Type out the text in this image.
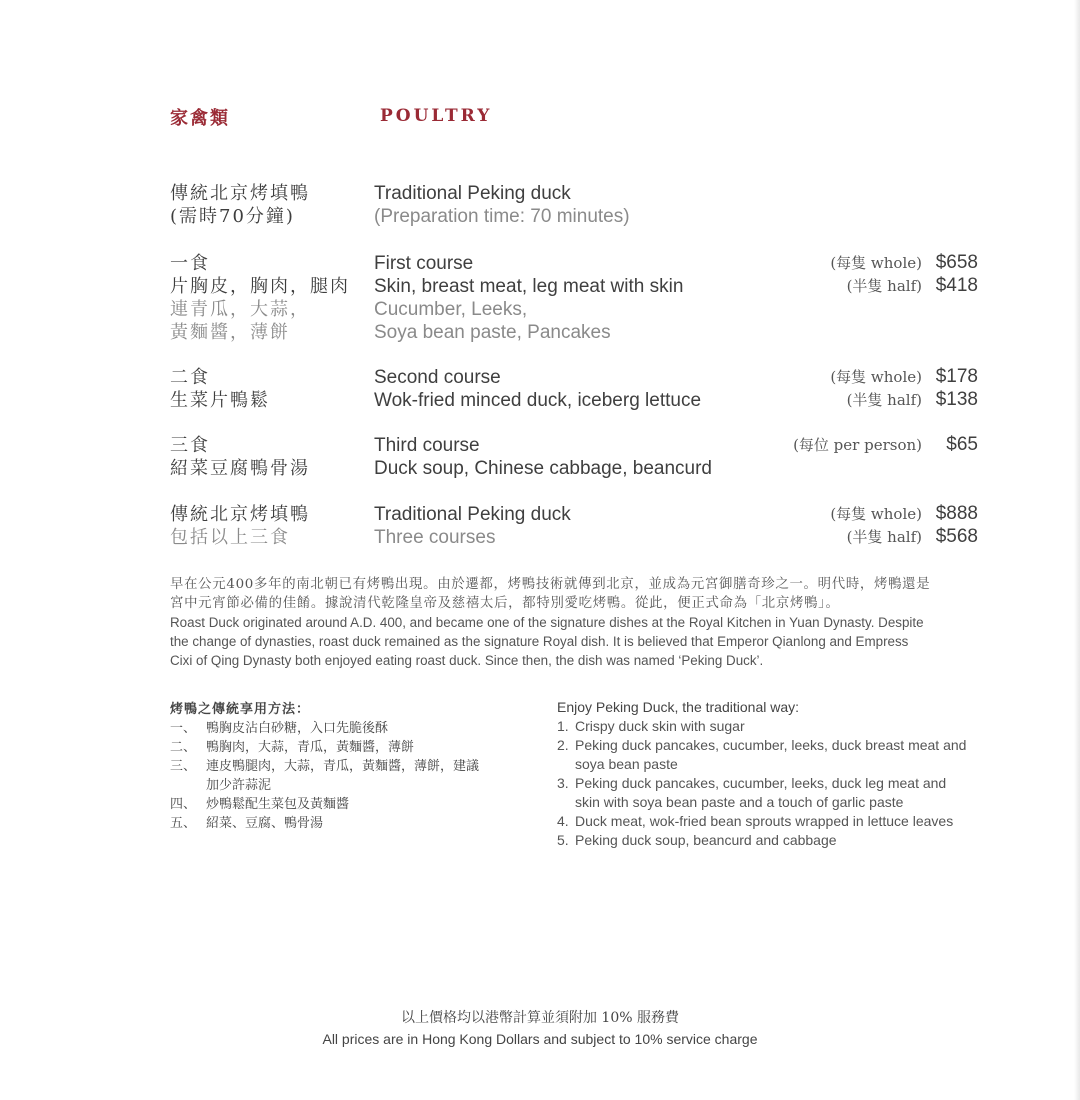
家禽類	POULTRY
傳統北京烤填鴨
(需時70分鐘)
Traditional Peking duck
(Preparation time: 70 minutes)
一食
片胸皮，胸肉，腿肉
連青瓜，大蒜，
黃麵醬，薄餅
First course
Skin, breast meat, leg meat with skin
Cucumber, Leeks,
Soya bean paste, Pancakes
(每隻 whole) $658
(半隻 half) $418
二食
生菜片鴨鬆
Second course
Wok-fried minced duck, iceberg lettuce
(每隻 whole) $178
(半隻 half) $138
三食
紹菜豆腐鴨骨湯
Third course
Duck soup, Chinese cabbage, beancurd
(每位 per person) $65
傳統北京烤填鴨
包括以上三食
Traditional Peking duck
Three courses
(每隻 whole) $888
(半隻 half) $568
早在公元400多年的南北朝已有烤鴨出現。由於遷都，烤鴨技術就傳到北京，並成為元宮御膳奇珍之一。明代時，烤鴨還是
宮中元宵節必備的佳餚。據說清代乾隆皇帝及慈禧太后，都特別愛吃烤鴨。從此，便正式命為「北京烤鴨」。
Roast Duck originated around A.D. 400, and became one of the signature dishes at the Royal Kitchen in Yuan Dynasty. Despite
the change of dynasties, roast duck remained as the signature Royal dish. It is believed that Emperor Qianlong and Empress
Cixi of Qing Dynasty both enjoyed eating roast duck. Since then, the dish was named ‘Peking Duck’.
烤鴨之傳統享用方法：
一、 鴨胸皮沾白砂糖，入口先脆後酥
二、 鴨胸肉，大蒜，青瓜，黃麵醬，薄餅
三、 連皮鴨腿肉，大蒜，青瓜，黃麵醬，薄餅，建議
加少許蒜泥
四、 炒鴨鬆配生菜包及黃麵醬
五、 紹菜、豆腐、鴨骨湯
Enjoy Peking Duck, the traditional way:
1. Crispy duck skin with sugar
2. Peking duck pancakes, cucumber, leeks, duck breast meat and
soya bean paste
3. Peking duck pancakes, cucumber, leeks, duck leg meat and
skin with soya bean paste and a touch of garlic paste
4. Duck meat, wok-fried bean sprouts wrapped in lettuce leaves
5. Peking duck soup, beancurd and cabbage
以上價格均以港幣計算並須附加 10% 服務費
All prices are in Hong Kong Dollars and subject to 10% service charge
